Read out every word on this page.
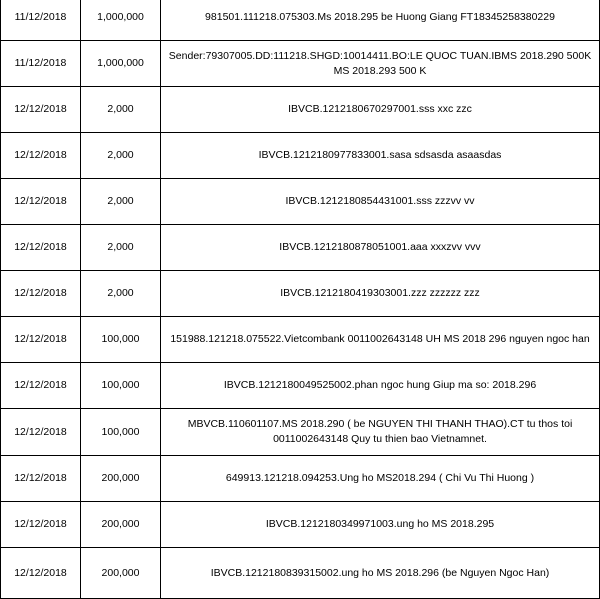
11/12/2018	1,000,000	981501.111218.075303.Ms 2018.295 be Huong Giang FT18345258380229
11/12/2018	1,000,000	Sender:79307005.DD:111218.SHGD:10014411.BO:LE QUOC TUAN.IBMS 2018.290 500K MS 2018.293 500 K
12/12/2018	2,000	IBVCB.1212180670297001.sss xxc zzc
12/12/2018	2,000	IBVCB.1212180977833001.sasa sdsasda asaasdas
12/12/2018	2,000	IBVCB.1212180854431001.sss zzzvv vv
12/12/2018	2,000	IBVCB.1212180878051001.aaa xxxzvv vvv
12/12/2018	2,000	IBVCB.1212180419303001.zzz zzzzzz zzz
12/12/2018	100,000	151988.121218.075522.Vietcombank 0011002643148 UH MS 2018 296 nguyen ngoc han
12/12/2018	100,000	IBVCB.1212180049525002.phan ngoc hung Giup ma so: 2018.296
12/12/2018	100,000	MBVCB.110601107.MS 2018.290 ( be NGUYEN THI THANH THAO).CT tu thos toi 0011002643148 Quy tu thien bao Vietnamnet.
12/12/2018	200,000	649913.121218.094253.Ung ho MS2018.294 ( Chi Vu Thi Huong )
12/12/2018	200,000	IBVCB.1212180349971003.ung ho MS 2018.295
12/12/2018	200,000	IBVCB.1212180839315002.ung ho MS 2018.296 (be Nguyen Ngoc Han)
